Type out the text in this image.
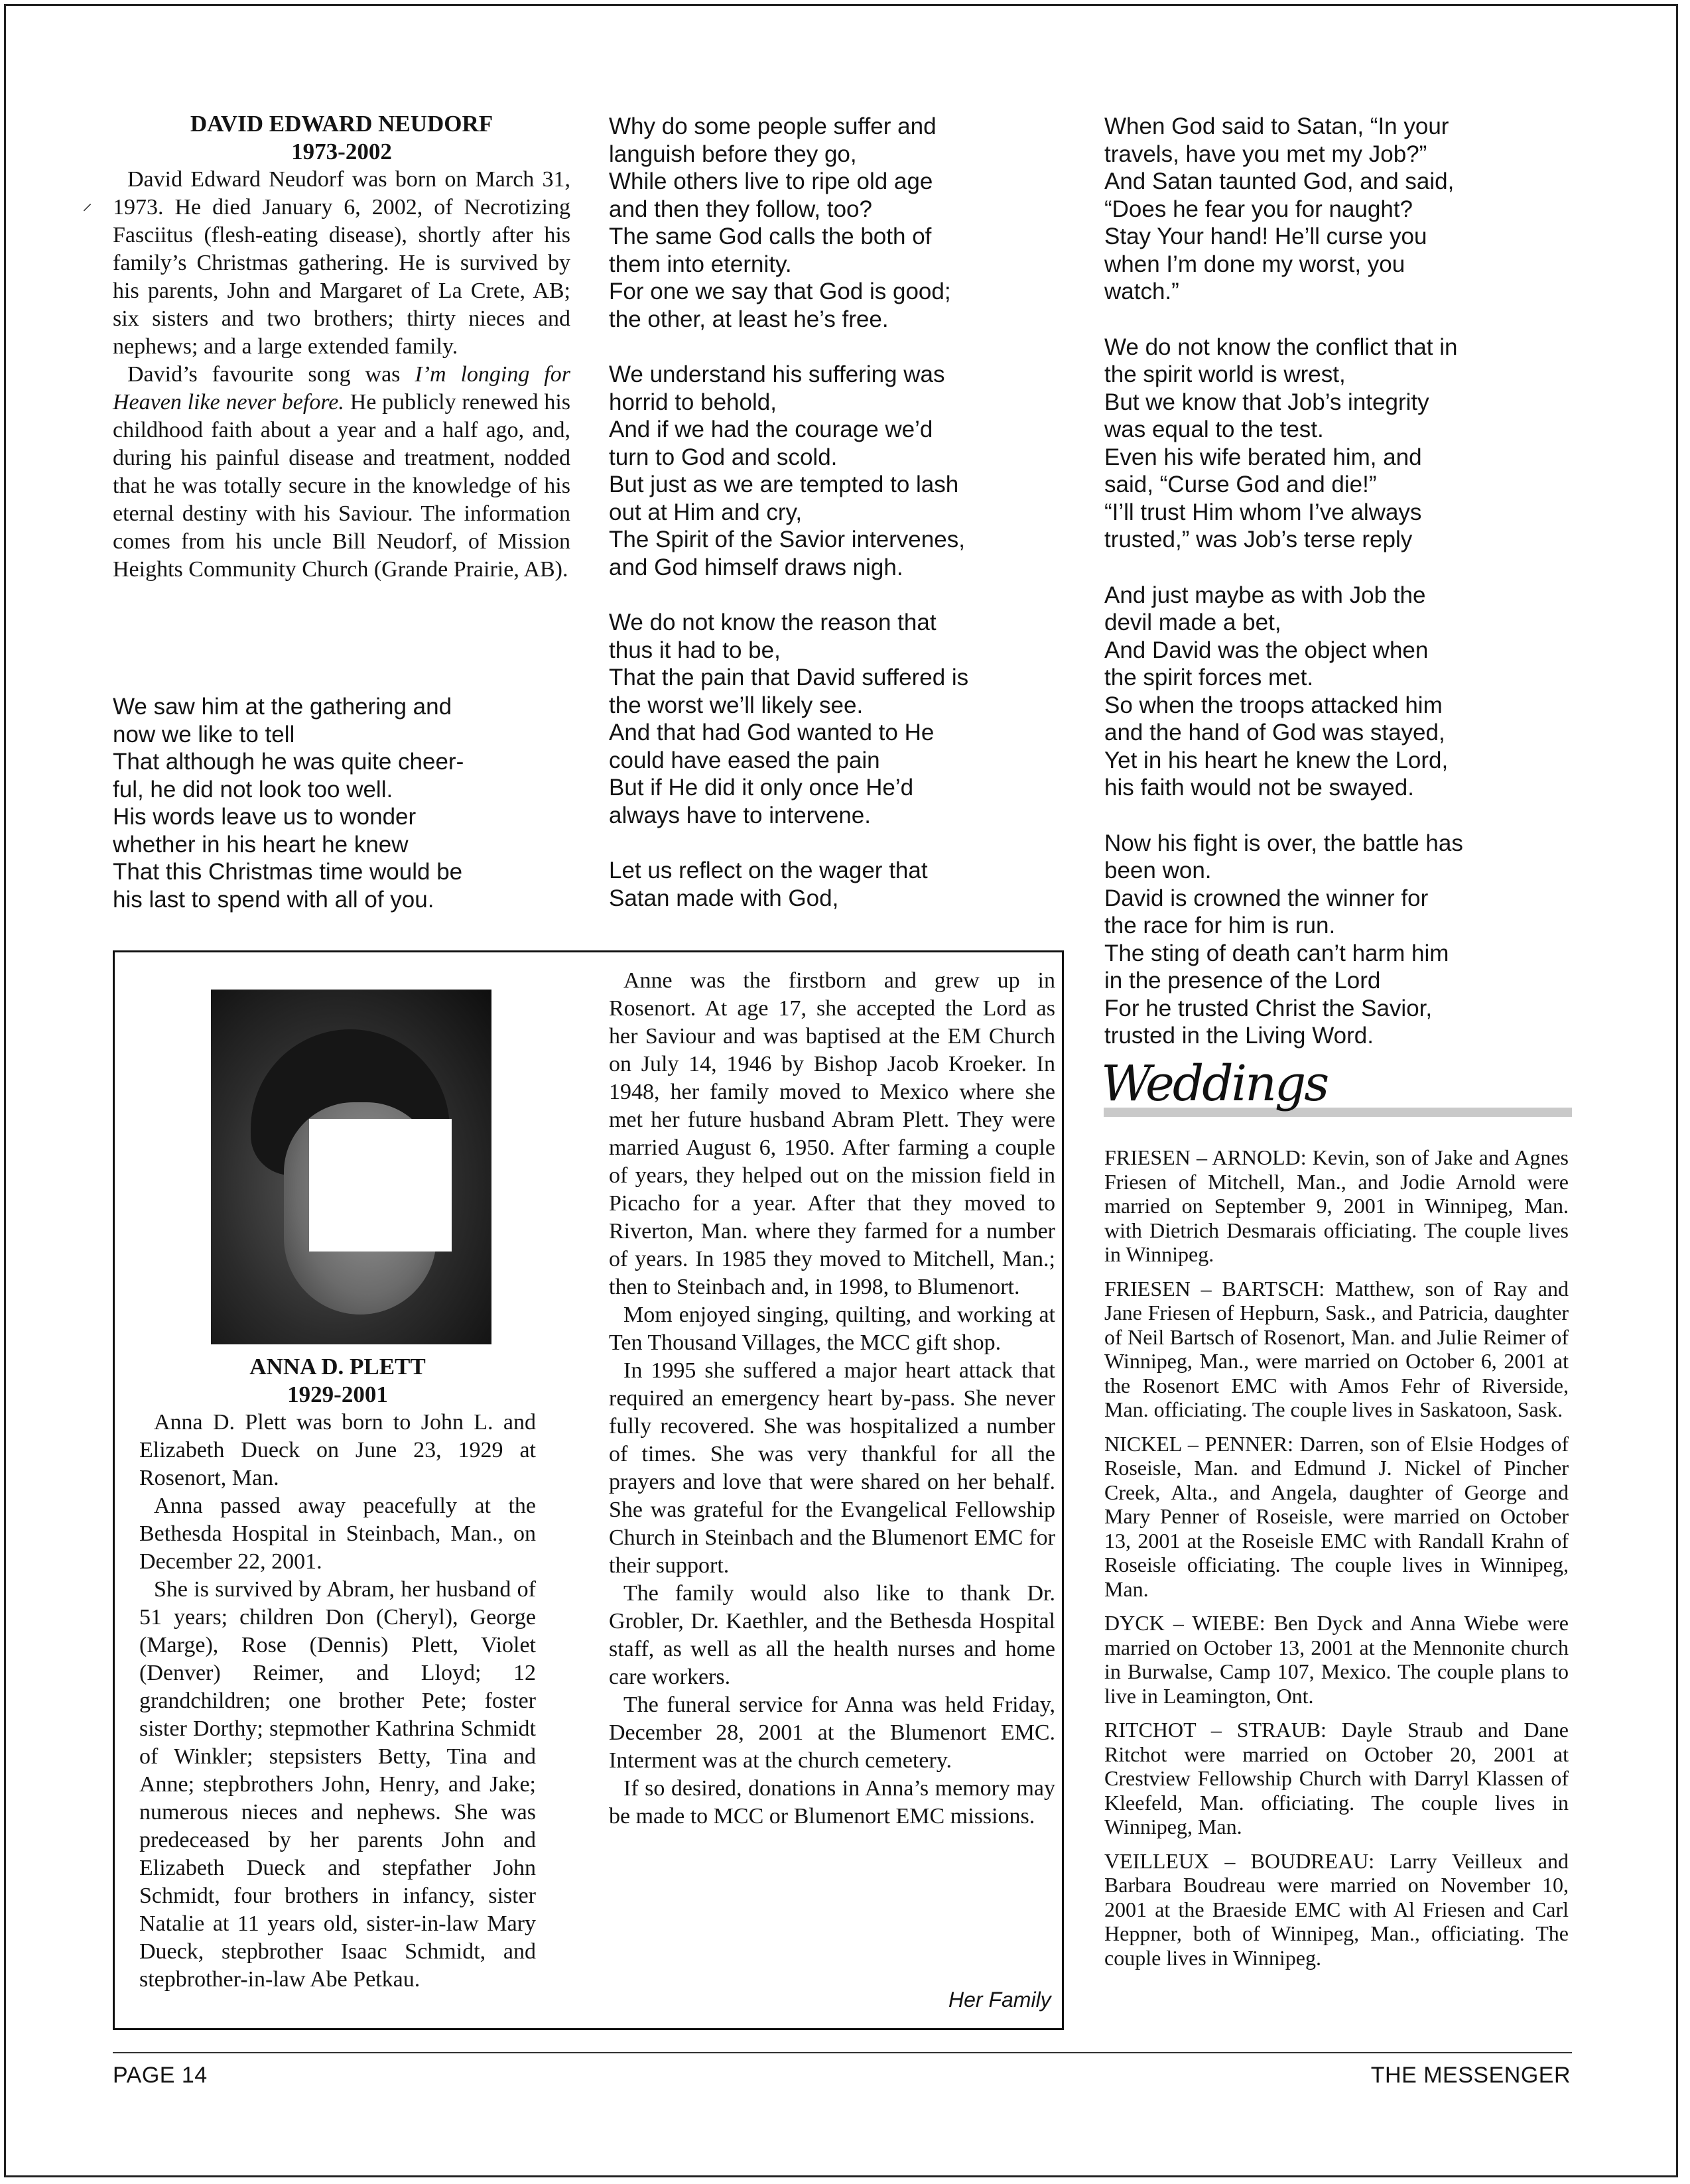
⸝
DAVID EDWARD NEUDORF
1973-2002

David Edward Neudorf was born on March 31, 1973. He died January 6, 2002, of Necrotizing Fasciitus (flesh-eating disease), shortly after his family’s Christmas gathering. He is survived by his parents, John and Margaret of La Crete, AB; six sisters and two brothers; thirty nieces and nephews; and a large extended family.

David’s favourite song was I’m longing for Heaven like never before. He publicly renewed his childhood faith about a year and a half ago, and, during his painful disease and treatment, nodded that he was totally secure in the knowledge of his eternal destiny with his Saviour. The information comes from his uncle Bill Neudorf, of Mission Heights Community Church (Grande Prairie, AB).

We saw him at the gathering and
now we like to tell
That although he was quite cheer-
ful, he did not look too well.
His words leave us to wonder
whether in his heart he knew
That this Christmas time would be
his last to spend with all of you.

Why do some people suffer and
languish before they go,
While others live to ripe old age
and then they follow, too?
The same God calls the both of
them into eternity.
For one we say that God is good;
the other, at least he’s free.

We understand his suffering was
horrid to behold,
And if we had the courage we’d
turn to God and scold.
But just as we are tempted to lash
out at Him and cry,
The Spirit of the Savior intervenes,
and God himself draws nigh.

We do not know the reason that
thus it had to be,
That the pain that David suffered is
the worst we’ll likely see.
And that had God wanted to He
could have eased the pain
But if He did it only once He’d
always have to intervene.

Let us reflect on the wager that
Satan made with God,

When God said to Satan, “In your
travels, have you met my Job?”
And Satan taunted God, and said,
“Does he fear you for naught?
Stay Your hand! He’ll curse you
when I’m done my worst, you
watch.”

We do not know the conflict that in
the spirit world is wrest,
But we know that Job’s integrity
was equal to the test.
Even his wife berated him, and
said, “Curse God and die!”
“I’ll trust Him whom I’ve always
trusted,” was Job’s terse reply

And just maybe as with Job the
devil made a bet,
And David was the object when
the spirit forces met.
So when the troops attacked him
and the hand of God was stayed,
Yet in his heart he knew the Lord,
his faith would not be swayed.

Now his fight is over, the battle has
been won.
David is crowned the winner for
the race for him is run.
The sting of death can’t harm him
in the presence of the Lord
For he trusted Christ the Savior,
trusted in the Living Word.

ANNA D. PLETT
1929-2001

Anna D. Plett was born to John L. and Elizabeth Dueck on June 23, 1929 at Rosenort, Man.

Anna passed away peacefully at the Bethesda Hospital in Steinbach, Man., on December 22, 2001.

She is survived by Abram, her husband of 51 years; children Don (Cheryl), George (Marge), Rose (Dennis) Plett, Violet (Denver) Reimer, and Lloyd; 12 grandchildren; one brother Pete; foster sister Dorthy; stepmother Kathrina Schmidt of Winkler; stepsisters Betty, Tina and Anne; stepbrothers John, Henry, and Jake; numerous nieces and nephews. She was predeceased by her parents John and Elizabeth Dueck and stepfather John Schmidt, four brothers in infancy, sister Natalie at 11 years old, sister-in-law Mary Dueck, stepbrother Isaac Schmidt, and stepbrother-in-law Abe Petkau.

Anne was the firstborn and grew up in Rosenort. At age 17, she accepted the Lord as her Saviour and was baptised at the EM Church on July 14, 1946 by Bishop Jacob Kroeker. In 1948, her family moved to Mexico where she met her future husband Abram Plett. They were married August 6, 1950. After farming a couple of years, they helped out on the mission field in Picacho for a year. After that they moved to Riverton, Man. where they farmed for a number of years. In 1985 they moved to Mitchell, Man.; then to Steinbach and, in 1998, to Blumenort.

Mom enjoyed singing, quilting, and working at Ten Thousand Villages, the MCC gift shop.

In 1995 she suffered a major heart attack that required an emergency heart by-pass. She never fully recovered. She was hospitalized a number of times. She was very thankful for all the prayers and love that were shared on her behalf. She was grateful for the Evangelical Fellowship Church in Steinbach and the Blumenort EMC for their support.

The family would also like to thank Dr. Grobler, Dr. Kaethler, and the Bethesda Hospital staff, as well as all the health nurses and home care workers.

The funeral service for Anna was held Friday, December 28, 2001 at the Blumenort EMC. Interment was at the church cemetery.

If so desired, donations in Anna’s memory may be made to MCC or Blumenort EMC missions.

Her Family
Weddings

FRIESEN – ARNOLD: Kevin, son of Jake and Agnes Friesen of Mitchell, Man., and Jodie Arnold were married on September 9, 2001 in Winnipeg, Man. with Dietrich Desmarais officiating. The couple lives in Winnipeg.

FRIESEN – BARTSCH: Matthew, son of Ray and Jane Friesen of Hepburn, Sask., and Patricia, daughter of Neil Bartsch of Rosenort, Man. and Julie Reimer of Winnipeg, Man., were married on October 6, 2001 at the Rosenort EMC with Amos Fehr of Riverside, Man. officiating. The couple lives in Saskatoon, Sask.

NICKEL – PENNER: Darren, son of Elsie Hodges of Roseisle, Man. and Edmund J. Nickel of Pincher Creek, Alta., and Angela, daughter of George and Mary Penner of Roseisle, were married on October 13, 2001 at the Roseisle EMC with Randall Krahn of Roseisle officiating. The couple lives in Winnipeg, Man.

DYCK – WIEBE: Ben Dyck and Anna Wiebe were married on October 13, 2001 at the Mennonite church in Burwalse, Camp 107, Mexico. The couple plans to live in Leamington, Ont.

RITCHOT – STRAUB: Dayle Straub and Dane Ritchot were married on October 20, 2001 at Crestview Fellowship Church with Darryl Klassen of Kleefeld, Man. officiating. The couple lives in Winnipeg, Man.

VEILLEUX – BOUDREAU: Larry Veilleux and Barbara Boudreau were married on November 10, 2001 at the Braeside EMC with Al Friesen and Carl Heppner, both of Winnipeg, Man., officiating. The couple lives in Winnipeg.

PAGE 14	THE MESSENGER
